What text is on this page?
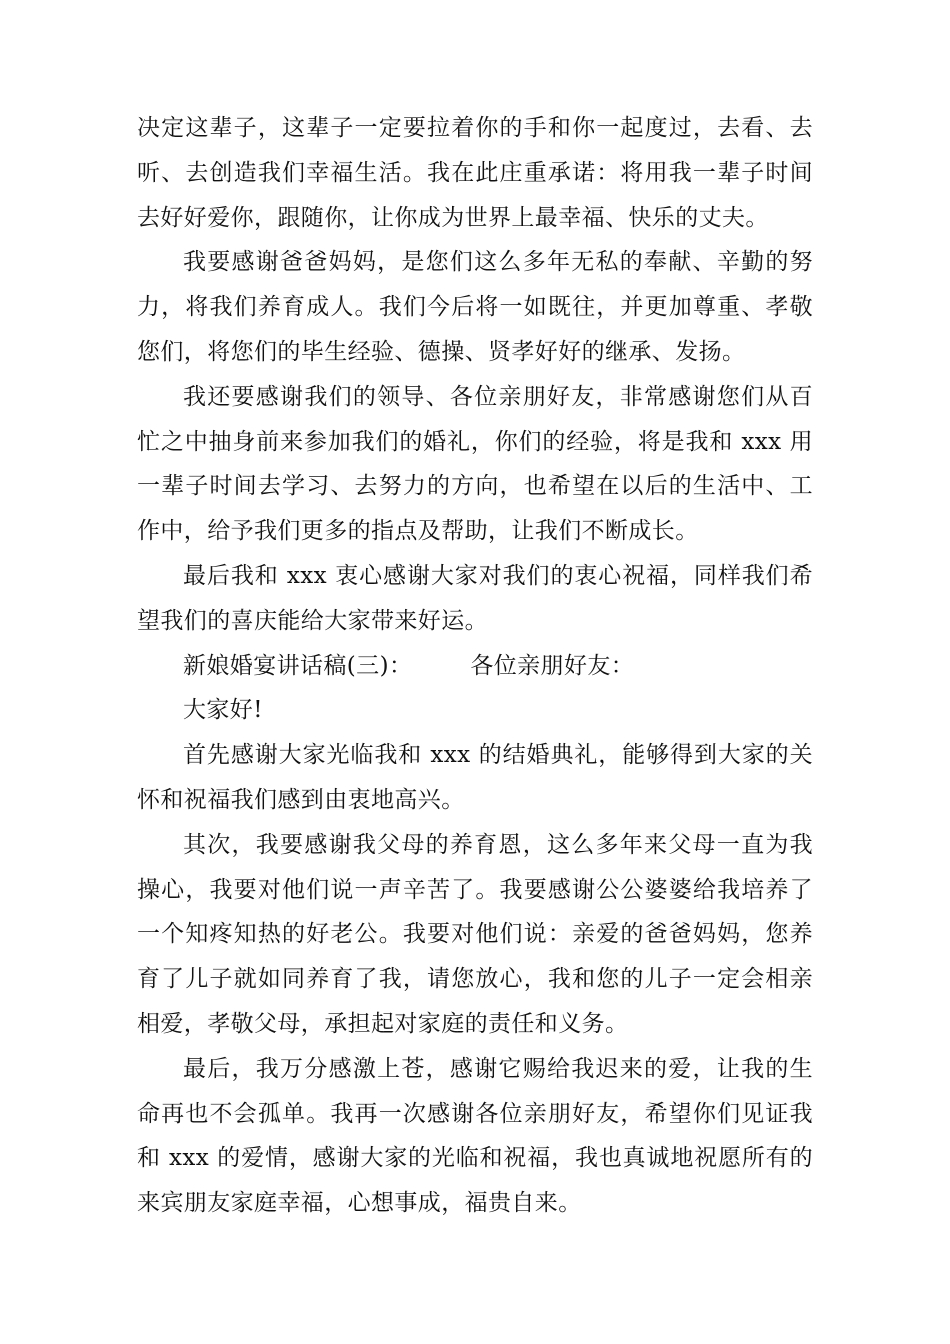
决定这辈子，这辈子一定要拉着你的手和你一起度过，去看、去听、去创造我们幸福生活。我在此庄重承诺：将用我一辈子时间去好好爱你，跟随你，让你成为世界上最幸福、快乐的丈夫。

我要感谢爸爸妈妈，是您们这么多年无私的奉献、辛勤的努力，将我们养育成人。我们今后将一如既往，并更加尊重、孝敬您们，将您们的毕生经验、德操、贤孝好好的继承、发扬。

我还要感谢我们的领导、各位亲朋好友，非常感谢您们从百忙之中抽身前来参加我们的婚礼，你们的经验，将是我和 xxx 用一辈子时间去学习、去努力的方向，也希望在以后的生活中、工作中，给予我们更多的指点及帮助，让我们不断成长。

最后我和 xxx 衷心感谢大家对我们的衷心祝福，同样我们希望我们的喜庆能给大家带来好运。

新娘婚宴讲话稿(三)：	各位亲朋好友：

大家好!

首先感谢大家光临我和 xxx 的结婚典礼，能够得到大家的关怀和祝福我们感到由衷地高兴。

其次，我要感谢我父母的养育恩，这么多年来父母一直为我操心，我要对他们说一声辛苦了。我要感谢公公婆婆给我培养了一个知疼知热的好老公。我要对他们说：亲爱的爸爸妈妈，您养育了儿子就如同养育了我，请您放心，我和您的儿子一定会相亲相爱，孝敬父母，承担起对家庭的责任和义务。

最后，我万分感激上苍，感谢它赐给我迟来的爱，让我的生命再也不会孤单。我再一次感谢各位亲朋好友，希望你们见证我和 xxx 的爱情，感谢大家的光临和祝福，我也真诚地祝愿所有的来宾朋友家庭幸福，心想事成，福贵自来。
